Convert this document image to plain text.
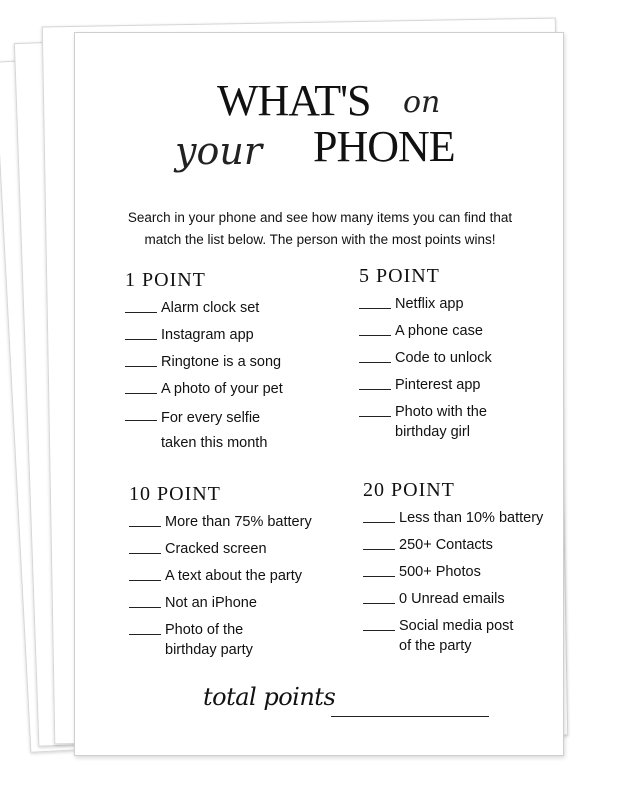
WHAT'S on
your PHONE
Search in your phone and see how many items you can find that match the list below. The person with the most points wins!
1 POINT
Alarm clock set
Instagram app
Ringtone is a song
A photo of your pet
For every selfie
taken this month
5 POINT
Netflix app
A phone case
Code to unlock
Pinterest app
Photo with the
birthday girl
10 POINT
More than 75% battery
Cracked screen
A text about the party
Not an iPhone
Photo of the
birthday party
20 POINT
Less than 10% battery
250+ Contacts
500+ Photos
0 Unread emails
Social media post
of the party
total points
